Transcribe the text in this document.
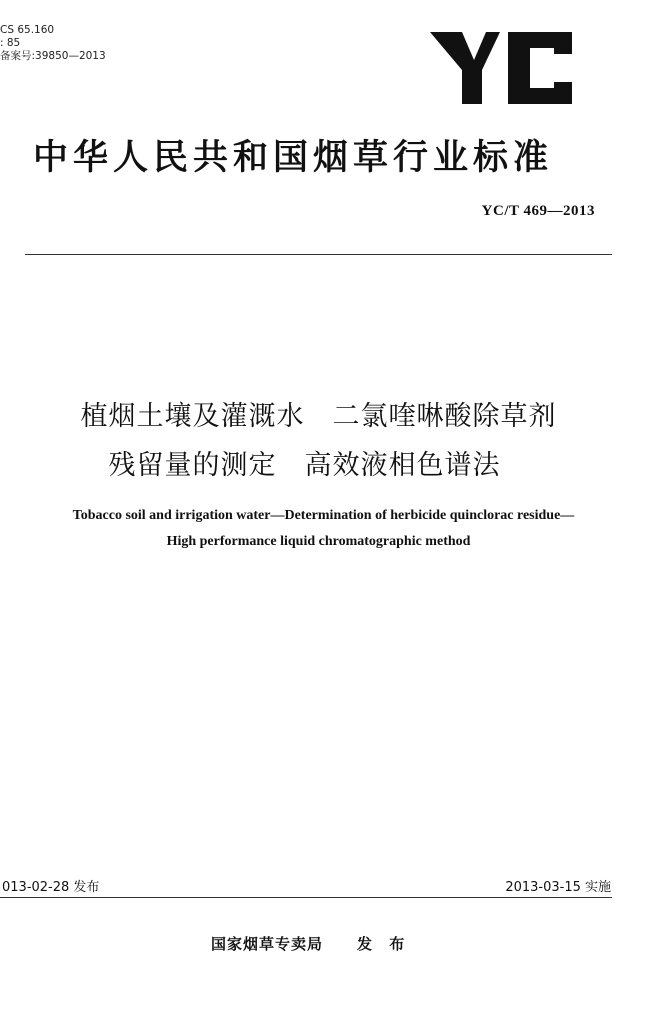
CS 65.160
: 85
备案号:39850—2013
YC
中华人民共和国烟草行业标准
YC/T 469—2013
植烟土壤及灌溉水　二氯喹啉酸除草剂
残留量的测定　高效液相色谱法
Tobacco soil and irrigation water—Determination of herbicide quinclorac residue—
High performance liquid chromatographic method
013-02-28 发布	2013-03-15 实施
国家烟草专卖局 发 布
